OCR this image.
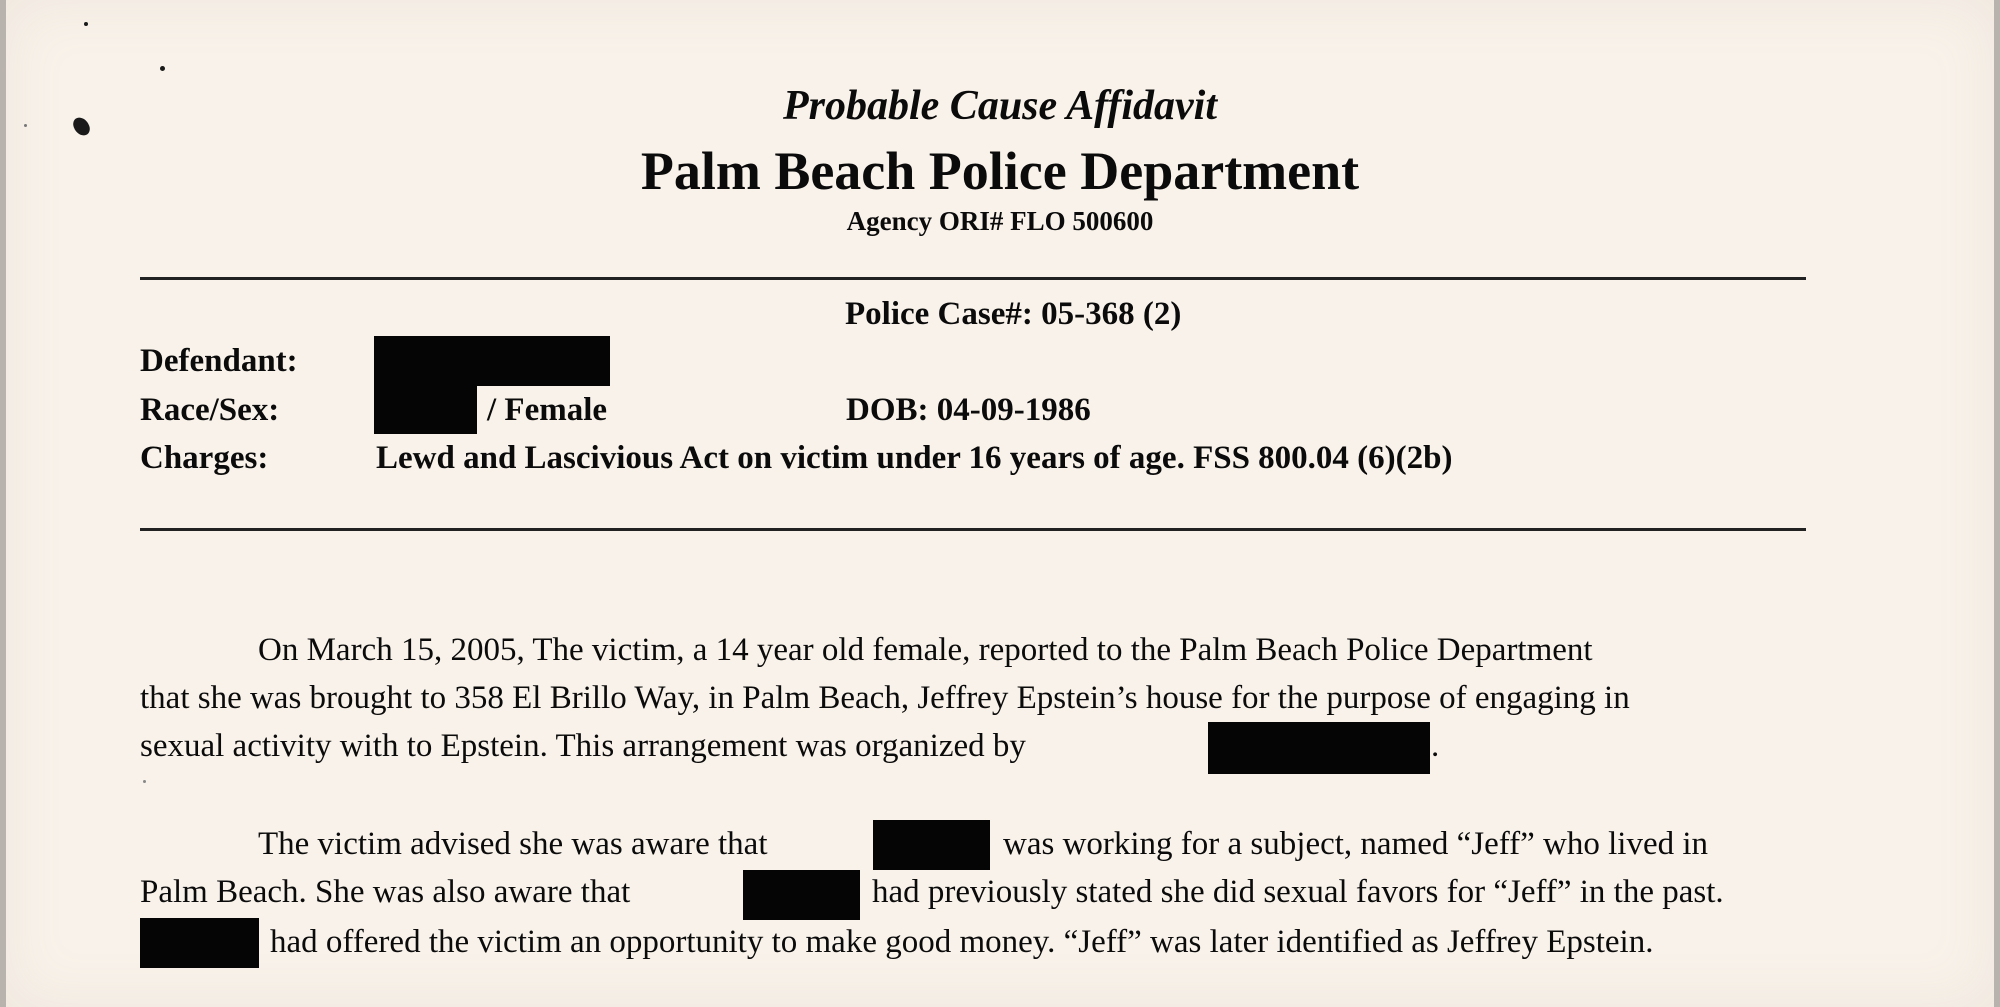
Probable Cause Affidavit
Palm Beach Police Department
Agency ORI# FLO 500600
Police Case#: 05-368 (2)
Defendant:
Race/Sex:	/ Female	DOB: 04-09-1986
Charges:	Lewd and Lascivious Act on victim under 16 years of age. FSS 800.04 (6)(2b)
On March 15, 2005, The victim, a 14 year old female, reported to the Palm Beach Police Department
that she was brought to 358 El Brillo Way, in Palm Beach, Jeffrey Epstein’s house for the purpose of engaging in
sexual activity with to Epstein. This arrangement was organized by	.
The victim advised she was aware that	was working for a subject, named “Jeff” who lived in
Palm Beach. She was also aware that	had previously stated she did sexual favors for “Jeff” in the past.
had offered the victim an opportunity to make good money. “Jeff” was later identified as Jeffrey Epstein.
